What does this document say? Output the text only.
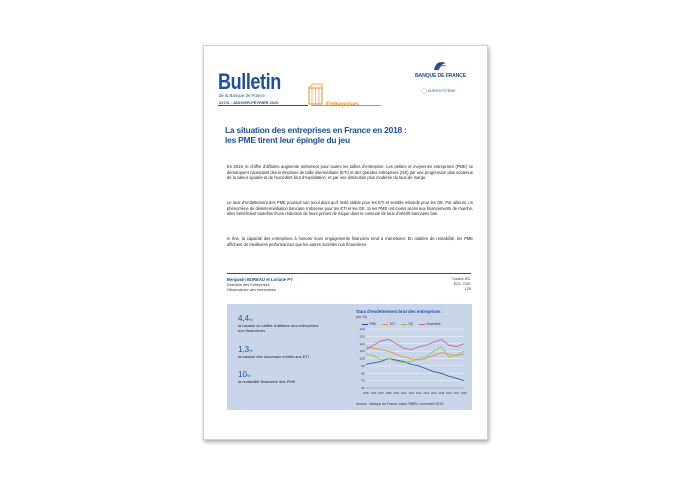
Bulletin
de la Banque de France
227/3 - JANVIER-FÉVRIER 2020	Entreprises
BANQUE DE FRANCE
EUROSYSTÈME
La situation des entreprises en France en 2018 :
les PME tirent leur épingle du jeu
En 2018, le chiffre d’affaires augmente nettement pour toutes les tailles d’entreprise. Les petites et moyennes entreprises (PME) se démarquent cependant des entreprises de taille intermédiaire (ETI) et des grandes entreprises (GE) par une progression plus soutenue de la valeur ajoutée et de l’excédent brut d’exploitation, et par une diminution plus modérée du taux de marge.
Le taux d’endettement des PME poursuit son recul alors qu’il reste stable pour les ETI et semble rebondir pour les GE. Par ailleurs, un phénomène de désintermédiation bancaire s’observe pour les ETI et les GE. Si les PME ont moins accès aux financements de marché, elles bénéficient toutefois d’une réduction de leurs primes de risque dans le contexte de taux d’intérêt bancaires bas.
In fine, la capacité des entreprises à honorer leurs engagements financiers tend à s’améliorer. En matière de rentabilité, les PME affichent de meilleures performances que les autres sociétés non financières.
Benjamin BUREAU et Loriane PY
Direction des Entreprises
Observatoire des entreprises
Codes JEL
E22, G30,
L25
4,4%
la hausse du chiffre d’affaires des entreprises
non financières
1,3%
la hausse des nouveaux crédits aux ETI
10%
la rentabilité financière des PME
Taux d’endettement brut des entreprises
(en %)
PME	ETI	GE	Ensemble
60
70
80
90
100
110
120
130
140
2005 2006 2007 2008 2009 2010 2011 2012 2013 2014 2015 2016 2017 2018
Source : Banque de France, base FIBEN, novembre 2019.
